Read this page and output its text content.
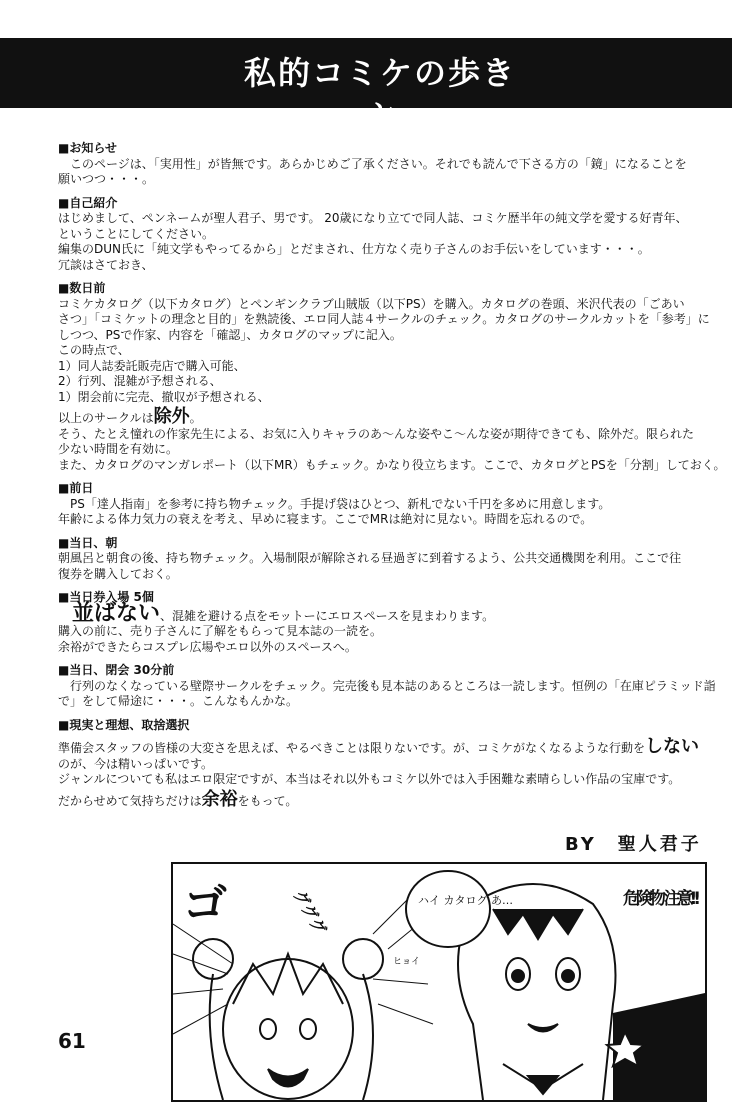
私的コミケの歩き方
■お知らせ
　このページは、「実用性」が皆無です。あらかじめご了承ください。それでも読んで下さる方の「鏡」になることを
願いつつ・・・。
■自己紹介
はじめまして、ペンネームが聖人君子、男です。 20歳になり立てで同人誌、コミケ歴半年の純文学を愛する好青年、
ということにしてください。
編集のDUN氏に「純文学もやってるから」とだまされ、仕方なく売り子さんのお手伝いをしています・・・。
冗談はさておき、
■数日前
コミケカタログ（以下カタログ）とペンギンクラブ山賊版（以下PS）を購入。カタログの巻頭、米沢代表の「ごあい
さつ」「コミケットの理念と目的」を熟読後、エロ同人誌４サークルのチェック。カタログのサークルカットを「参考」に
しつつ、PSで作家、内容を「確認」、カタログのマップに記入。
この時点で、
1）同人誌委託販売店で購入可能、
2）行列、混雑が予想される、
1）閉会前に完売、撤収が予想される、
以上のサークルは除外。
そう、たとえ憧れの作家先生による、お気に入りキャラのあ～んな姿やこ～んな姿が期待できても、除外だ。限られた
少ない時間を有効に。
また、カタログのマンガレポート（以下MR）もチェック。かなり役立ちます。ここで、カタログとPSを「分割」しておく。
■前日
　PS「達人指南」を参考に持ち物チェック。手提げ袋はひとつ、新札でない千円を多めに用意します。
年齢による体力気力の衰えを考え、早めに寝ます。ここでMRは絶対に見ない。時間を忘れるので。
■当日、朝
朝風呂と朝食の後、持ち物チェック。入場制限が解除される昼過ぎに到着するよう、公共交通機関を利用。ここで往
復券を購入しておく。
■当日券入場 5個
並ばない、混雑を避ける点をモットーにエロスペースを見まわります。
購入の前に、売り子さんに了解をもらって見本誌の一読を。
余裕ができたらコスプレ広場やエロ以外のスペースへ。
■当日、閉会 30分前
　行列のなくなっている壁際サークルをチェック。完売後も見本誌のあるところは一読します。恒例の「在庫ピラミッド詣
で」をして帰途に・・・。こんなもんかな。
■現実と理想、取捨選択
準備会スタッフの皆様の大変さを思えば、やるべきことは限りないです。が、コミケがなくなるような行動をしない
のが、今は精いっぱいです。
ジャンルについても私はエロ限定ですが、本当はそれ以外もコミケ以外では入手困難な素晴らしい作品の宝庫です。
だからせめて気持ちだけは余裕をもって。
BY　聖人君子
61
ゴ	グググ	ハイ カタログ あ…
ヒョイ
危険物 注意!!
